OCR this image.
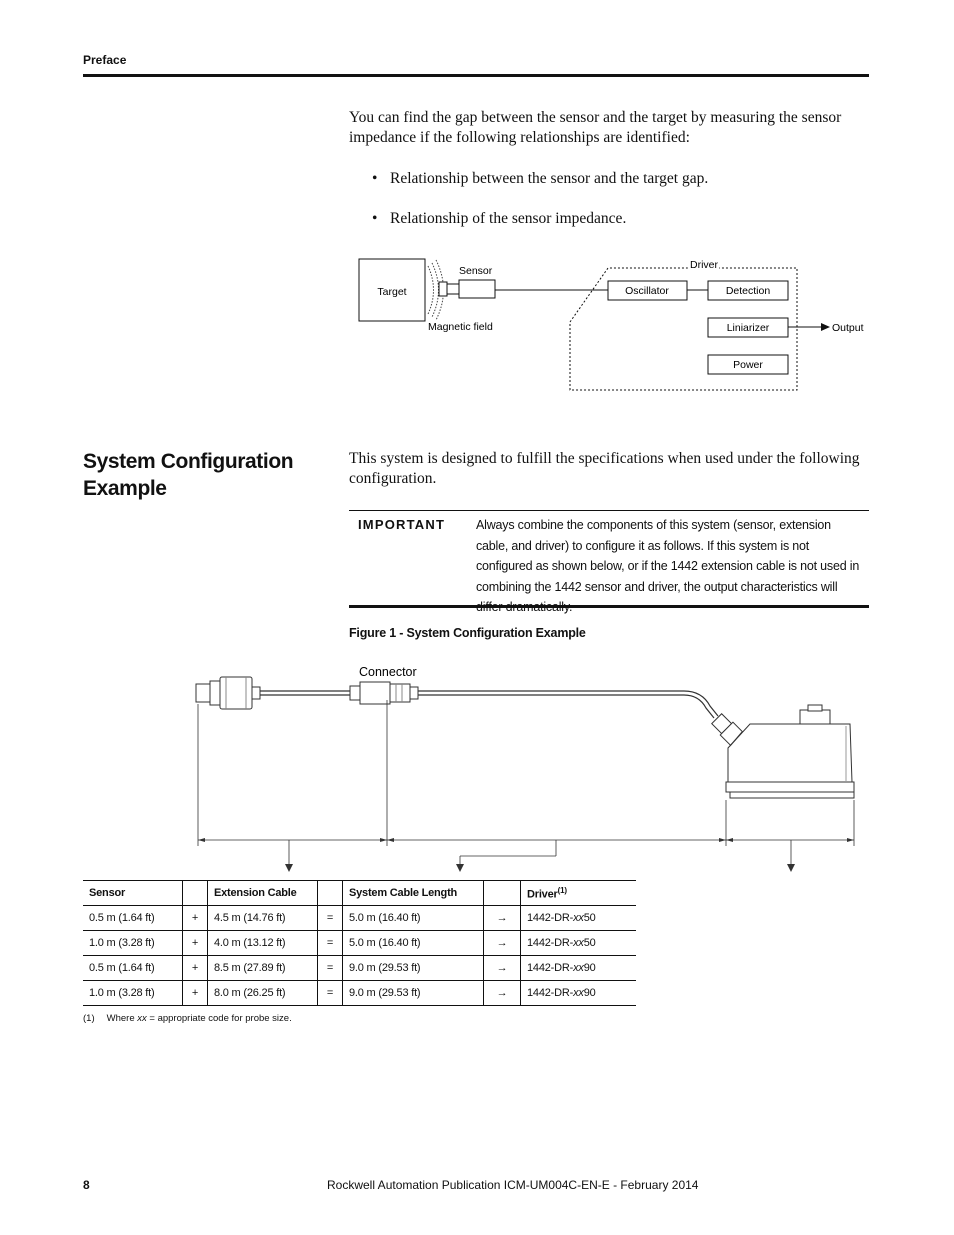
Preface
You can find the gap between the sensor and the target by measuring the sensor impedance if the following relationships are identified:
• Relationship between the sensor and the target gap.
• Relationship of the sensor impedance.
Target
Sensor
Magnetic field
Driver
Oscillator	Detection
Liniarizer	Output
Power
System Configuration Example
This system is designed to fulfill the specifications when used under the following configuration.
IMPORTANT Always combine the components of this system (sensor, extension cable, and driver) to configure it as follows. If this system is not configured as shown below, or if the 1442 extension cable is not used in combining the 1442 sensor and driver, the output characteristics will differ dramatically.
Figure 1 - System Configuration Example
Connector
Sensor		Extension Cable		System Cable Length		Driver$^{(1)}$
0.5 m (1.64 ft)	+	4.5 m (14.76 ft)	=	5.0 m (16.40 ft)	→	1442-DR-xx50
1.0 m (3.28 ft)	+	4.0 m (13.12 ft)	=	5.0 m (16.40 ft)	→	1442-DR-xx50
0.5 m (1.64 ft)	+	8.5 m (27.89 ft)	=	9.0 m (29.53 ft)	→	1442-DR-xx90
1.0 m (3.28 ft)	+	8.0 m (26.25 ft)	=	9.0 m (29.53 ft)	→	1442-DR-xx90
(1) Where xx = appropriate code for probe size.
8	Rockwell Automation Publication ICM-UM004C-EN-E - February 2014
